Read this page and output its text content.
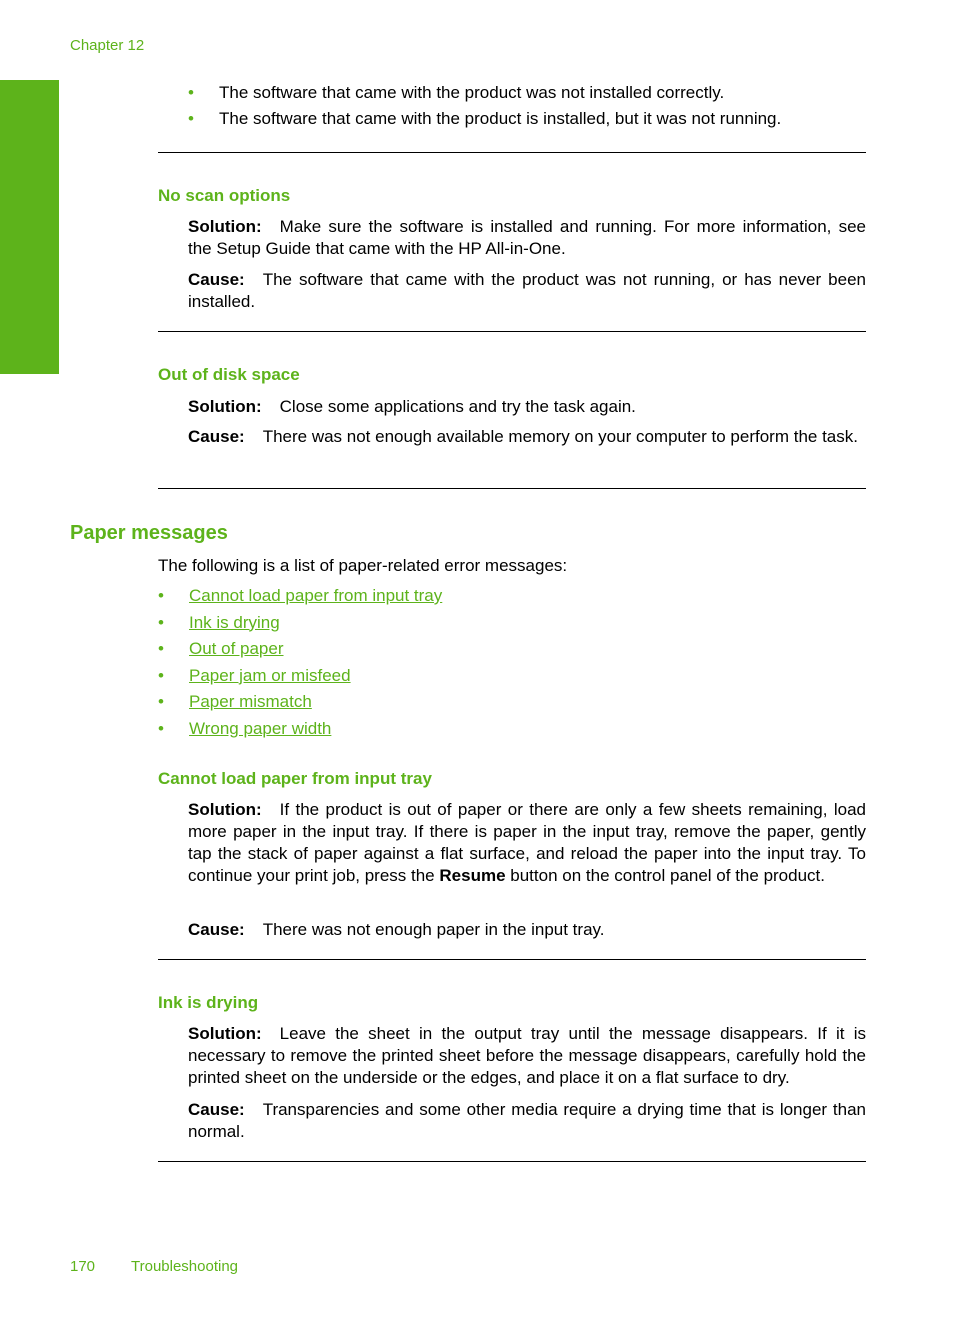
Chapter 12
•	The software that came with the product was not installed correctly.
•	The software that came with the product is installed, but it was not running.
No scan options
Solution: Make sure the software is installed and running. For more information, see the Setup Guide that came with the HP All-in-One.
Cause: The software that came with the product was not running, or has never been installed.
Out of disk space
Solution: Close some applications and try the task again.
Cause: There was not enough available memory on your computer to perform the task.
Paper messages
The following is a list of paper-related error messages:
•	Cannot load paper from input tray
•	Ink is drying
•	Out of paper
•	Paper jam or misfeed
•	Paper mismatch
•	Wrong paper width
Cannot load paper from input tray
Solution: If the product is out of paper or there are only a few sheets remaining, load more paper in the input tray. If there is paper in the input tray, remove the paper, gently tap the stack of paper against a flat surface, and reload the paper into the input tray. To continue your print job, press the Resume button on the control panel of the product.
Cause: There was not enough paper in the input tray.
Ink is drying
Solution: Leave the sheet in the output tray until the message disappears. If it is necessary to remove the printed sheet before the message disappears, carefully hold the printed sheet on the underside or the edges, and place it on a flat surface to dry.
Cause: Transparencies and some other media require a drying time that is longer than normal.
170 Troubleshooting
